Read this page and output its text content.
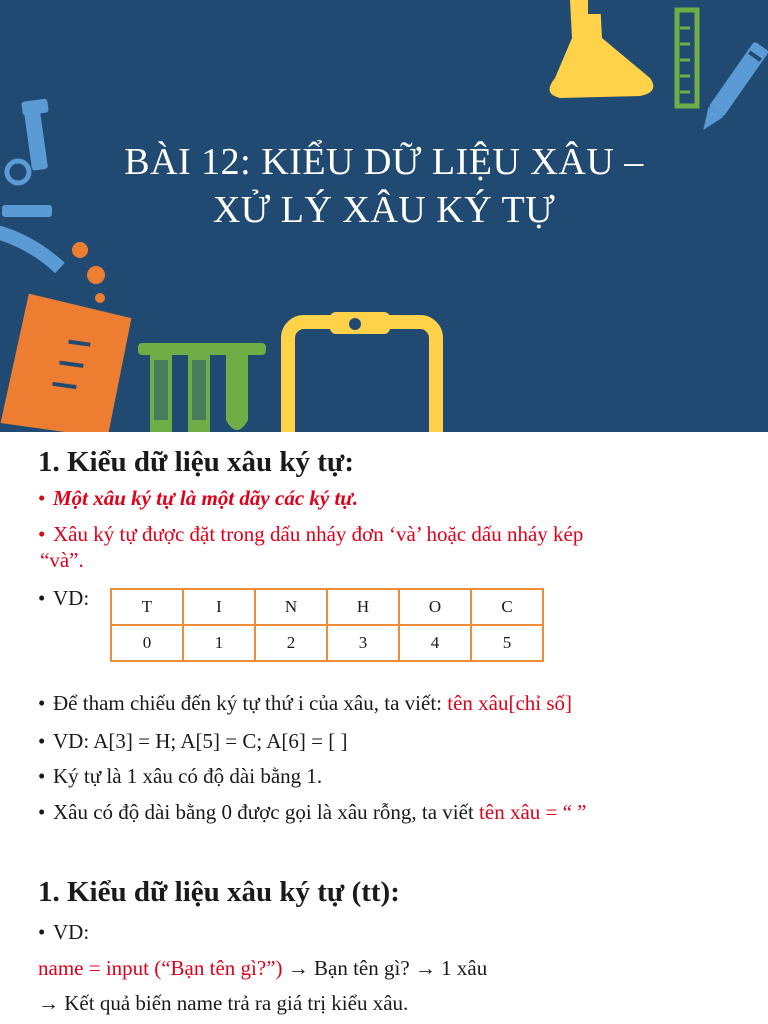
BÀI 12: KIỂU DỮ LIỆU XÂU –
XỬ LÝ XÂU KÝ TỰ
1. Kiểu dữ liệu xâu ký tự:
• Một xâu ký tự là một dãy các ký tự.
• Xâu ký tự được đặt trong dấu nháy đơn ‘và’ hoặc dấu nháy kép
“và”.
• VD:	T	I	N	H	O	C
0	1	2	3	4	5
• Để tham chiếu đến ký tự thứ i của xâu, ta viết: tên xâu[chỉ số]
• VD: A[3] = H; A[5] = C; A[6] = [ ]
• Ký tự là 1 xâu có độ dài bằng 1.
• Xâu có độ dài bằng 0 được gọi là xâu rỗng, ta viết tên xâu = “ ”
1. Kiểu dữ liệu xâu ký tự (tt):
• VD:
name = input (“Bạn tên gì?”) → Bạn tên gì? → 1 xâu
→ Kết quả biến name trả ra giá trị kiểu xâu.
